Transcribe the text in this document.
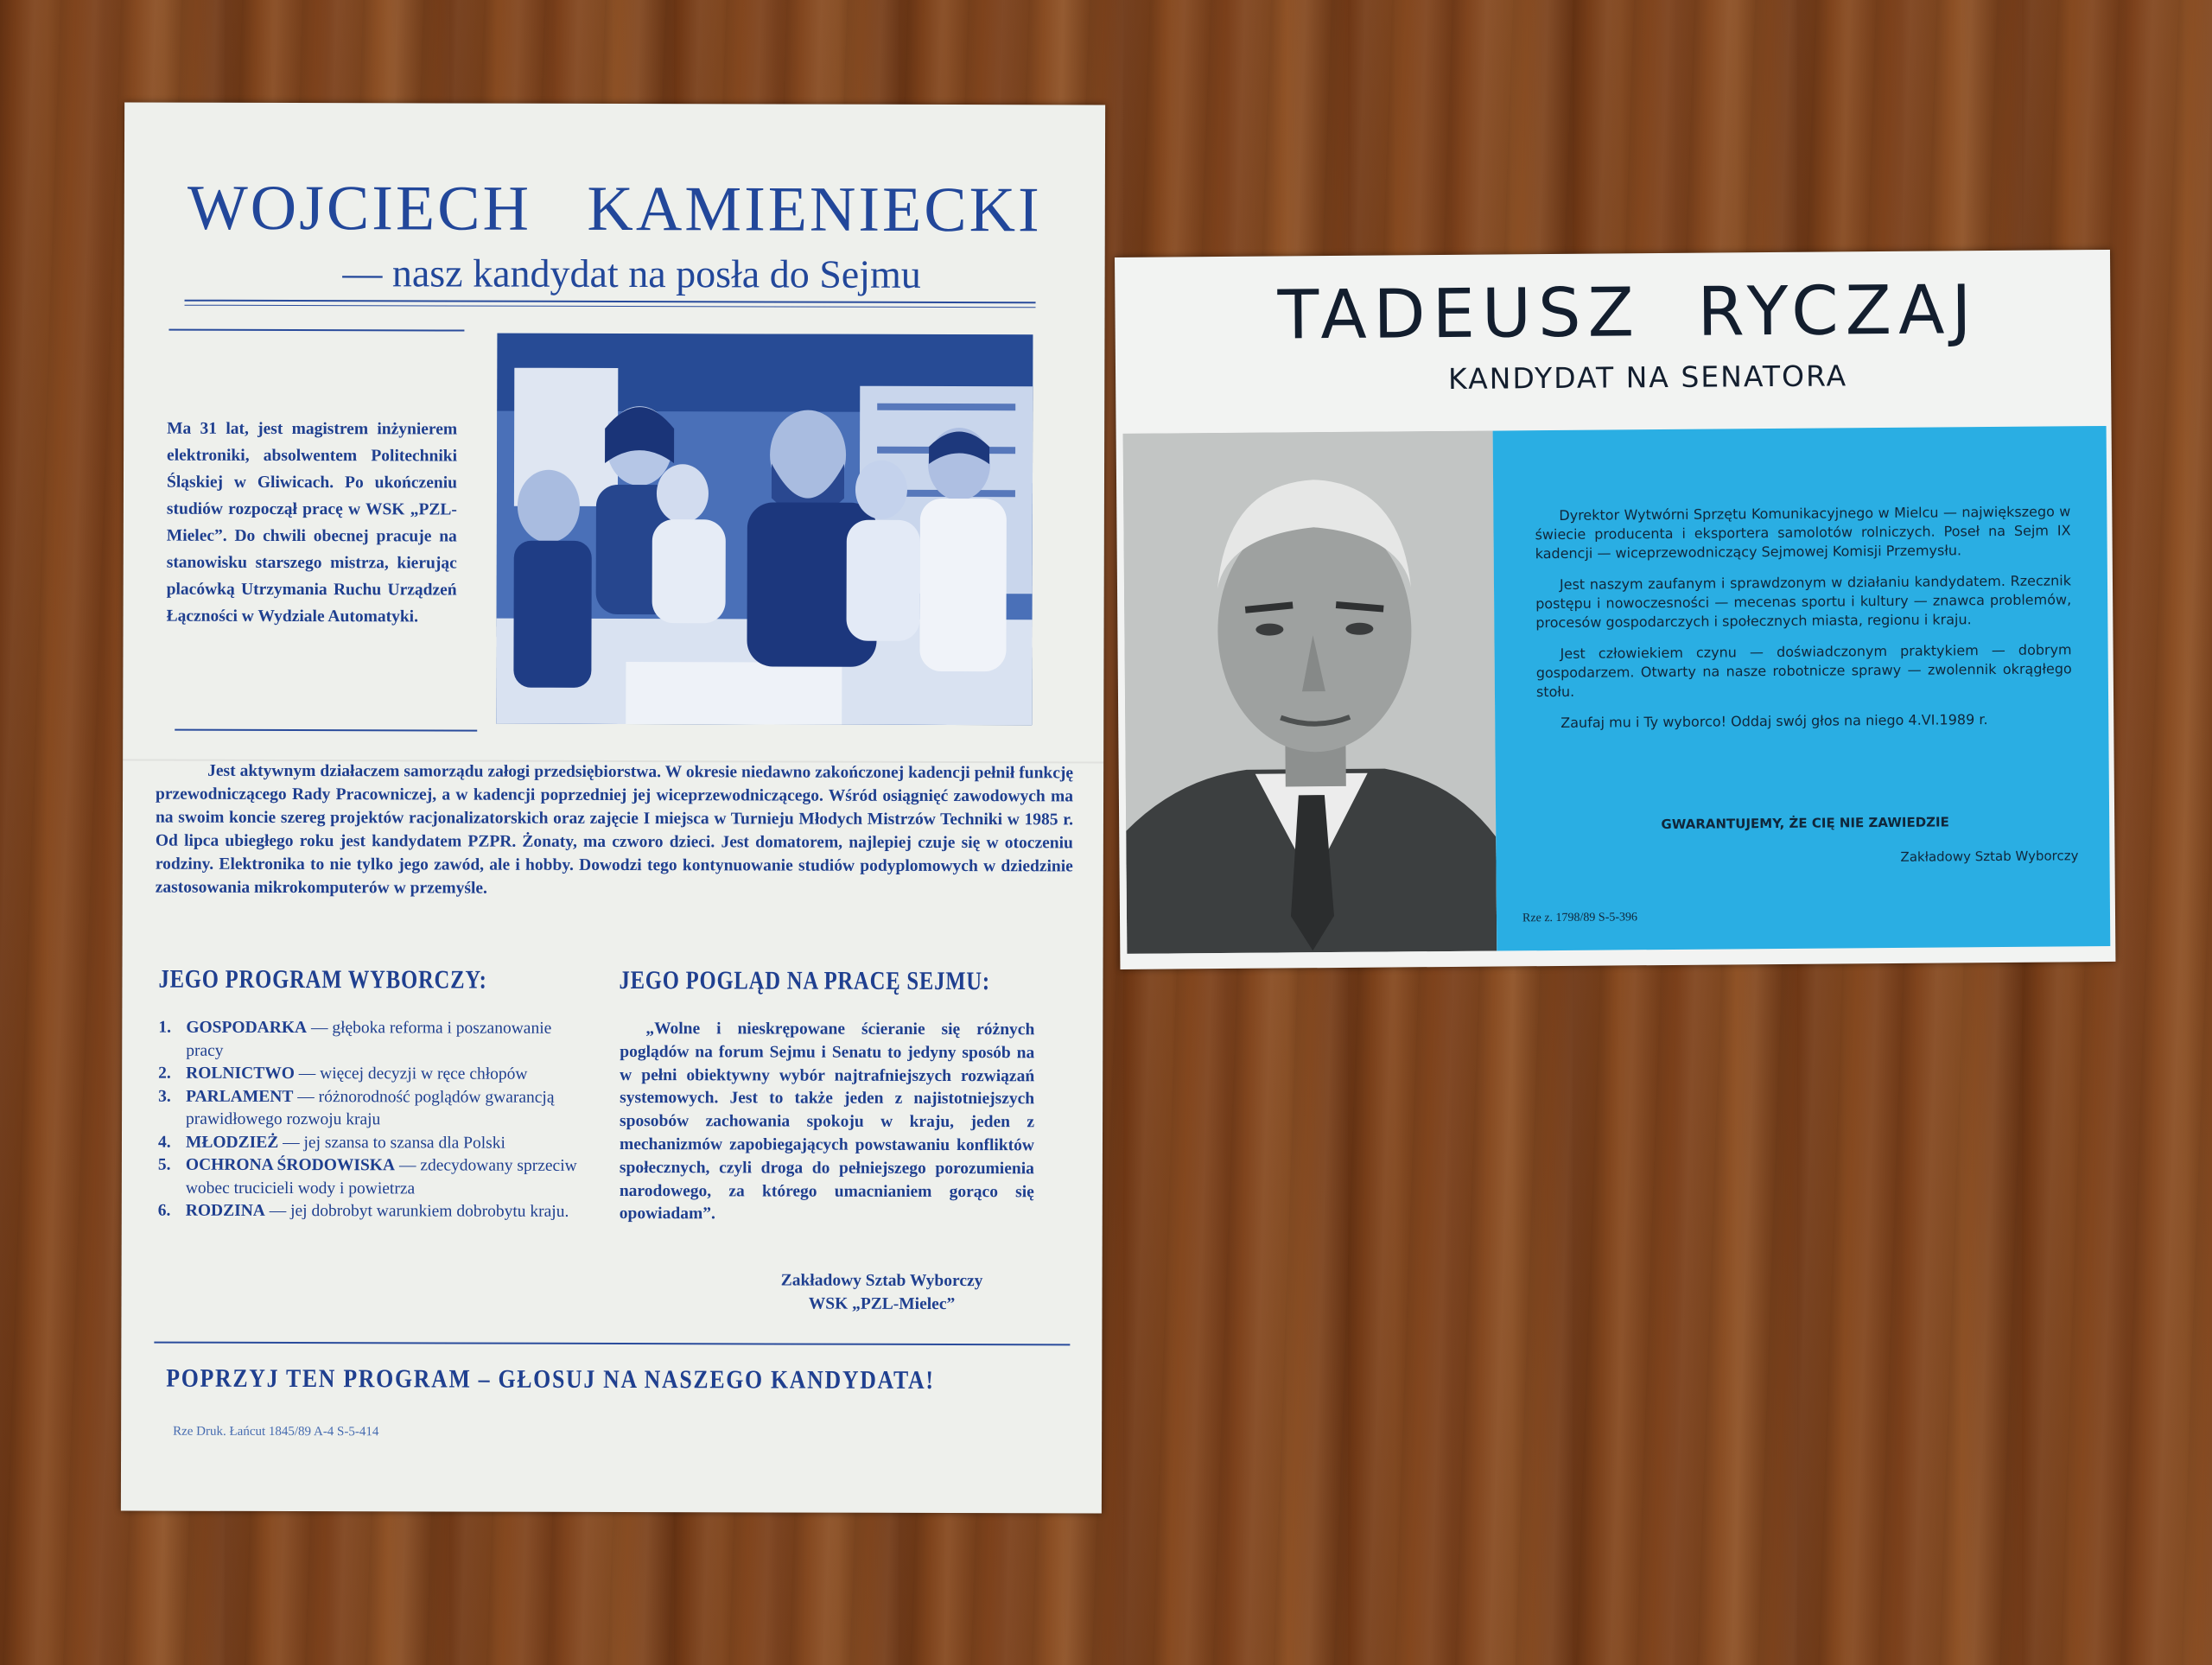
WOJCIECH   KAMIENIECKI
— nasz kandydat na posła do Sejmu
Ma 31 lat, jest magistrem inżynierem elektroniki, absolwentem Politechniki Śląskiej w Gliwicach. Po ukończeniu studiów rozpoczął pracę w WSK „PZL-Mielec”. Do chwili obecnej pracuje na stanowisku starszego mistrza, kierując placówką Utrzymania Ruchu Urządzeń Łączności w Wydziale Automatyki.
Jest aktywnym działaczem samorządu załogi przedsiębiorstwa. W okresie niedawno zakończonej kadencji pełnił funkcję przewodniczącego Rady Pracowniczej, a w kadencji poprzedniej jej wiceprzewodniczącego. Wśród osiągnięć zawodowych ma na swoim koncie szereg projektów racjonalizatorskich oraz zajęcie I miejsca w Turnieju Młodych Mistrzów Techniki w 1985 r. Od lipca ubiegłego roku jest kandydatem PZPR. Żonaty, ma czworo dzieci. Jest domatorem, najlepiej czuje się w otoczeniu rodziny. Elektronika to nie tylko jego zawód, ale i hobby. Dowodzi tego kontynuowanie studiów podyplomowych w dziedzinie zastosowania mikrokomputerów w przemyśle.
JEGO PROGRAM WYBORCZY:	JEGO POGLĄD NA PRACĘ SEJMU:
1. GOSPODARKA — głęboka reforma i poszanowanie pracy
2. ROLNICTWO — więcej decyzji w ręce chłopów
3. PARLAMENT — różnorodność poglądów gwarancją prawidłowego rozwoju kraju
4. MŁODZIEŻ — jej szansa to szansa dla Polski
5. OCHRONA ŚRODOWISKA — zdecydowany sprzeciw wobec trucicieli wody i powietrza
6. RODZINA — jej dobrobyt warunkiem dobrobytu kraju.
„Wolne i nieskrępowane ścieranie się różnych poglądów na forum Sejmu i Senatu to jedyny sposób na w pełni obiektywny wybór najtrafniejszych rozwiązań systemowych. Jest to także jeden z najistotniejszych sposobów zachowania spokoju w kraju, jeden z mechanizmów zapobiegających powstawaniu konfliktów społecznych, czyli droga do pełniejszego porozumienia narodowego, za którego umacnianiem gorąco się opowiadam”.
Zakładowy Sztab Wyborczy
WSK „PZL-Mielec”
POPRZYJ TEN PROGRAM – GŁOSUJ NA NASZEGO KANDYDATA!
Rze Druk. Łańcut 1845/89 A-4 S-5-414
TADEUSZ  RYCZAJ
KANDYDAT NA SENATORA

Dyrektor Wytwórni Sprzętu Komunikacyjnego w Mielcu — największego w świecie producenta i eksportera samolotów rolniczych. Poseł na Sejm IX kadencji — wiceprzewodniczący Sejmowej Komisji Przemysłu.

Jest naszym zaufanym i sprawdzonym w działaniu kandydatem. Rzecznik postępu i nowoczesności — mecenas sportu i kultury — znawca problemów, procesów gospodarczych i społecznych miasta, regionu i kraju.

Jest człowiekiem czynu — doświadczonym praktykiem — dobrym gospodarzem. Otwarty na nasze robotnicze sprawy — zwolennik okrągłego stołu.

Zaufaj mu i Ty wyborco! Oddaj swój głos na niego 4.VI.1989 r.

GWARANTUJEMY, ŻE CIĘ NIE ZAWIEDZIE
Zakładowy Sztab Wyborczy
Rze z. 1798/89 S-5-396
